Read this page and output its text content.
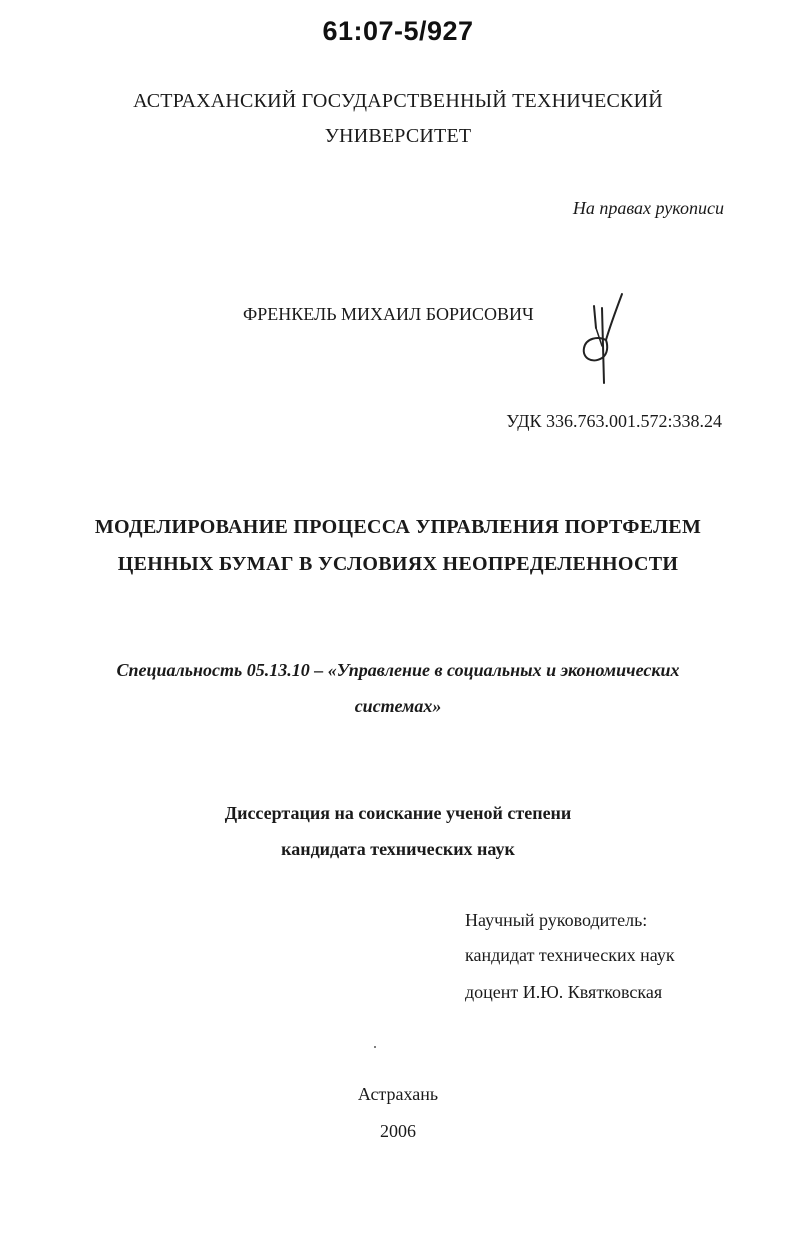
61:07-5/927
АСТРАХАНСКИЙ ГОСУДАРСТВЕННЫЙ ТЕХНИЧЕСКИЙ
УНИВЕРСИТЕТ
На правах рукописи
ФРЕНКЕЛЬ МИХАИЛ БОРИСОВИЧ
УДК 336.763.001.572:338.24
МОДЕЛИРОВАНИЕ ПРОЦЕССА УПРАВЛЕНИЯ ПОРТФЕЛЕМ
ЦЕННЫХ БУМАГ В УСЛОВИЯХ НЕОПРЕДЕЛЕННОСТИ
Специальность 05.13.10 – «Управление в социальных и экономических
системах»
Диссертация на соискание ученой степени
кандидата технических наук
Научный руководитель:
кандидат технических наук
доцент И.Ю. Квятковская
Астрахань
2006
